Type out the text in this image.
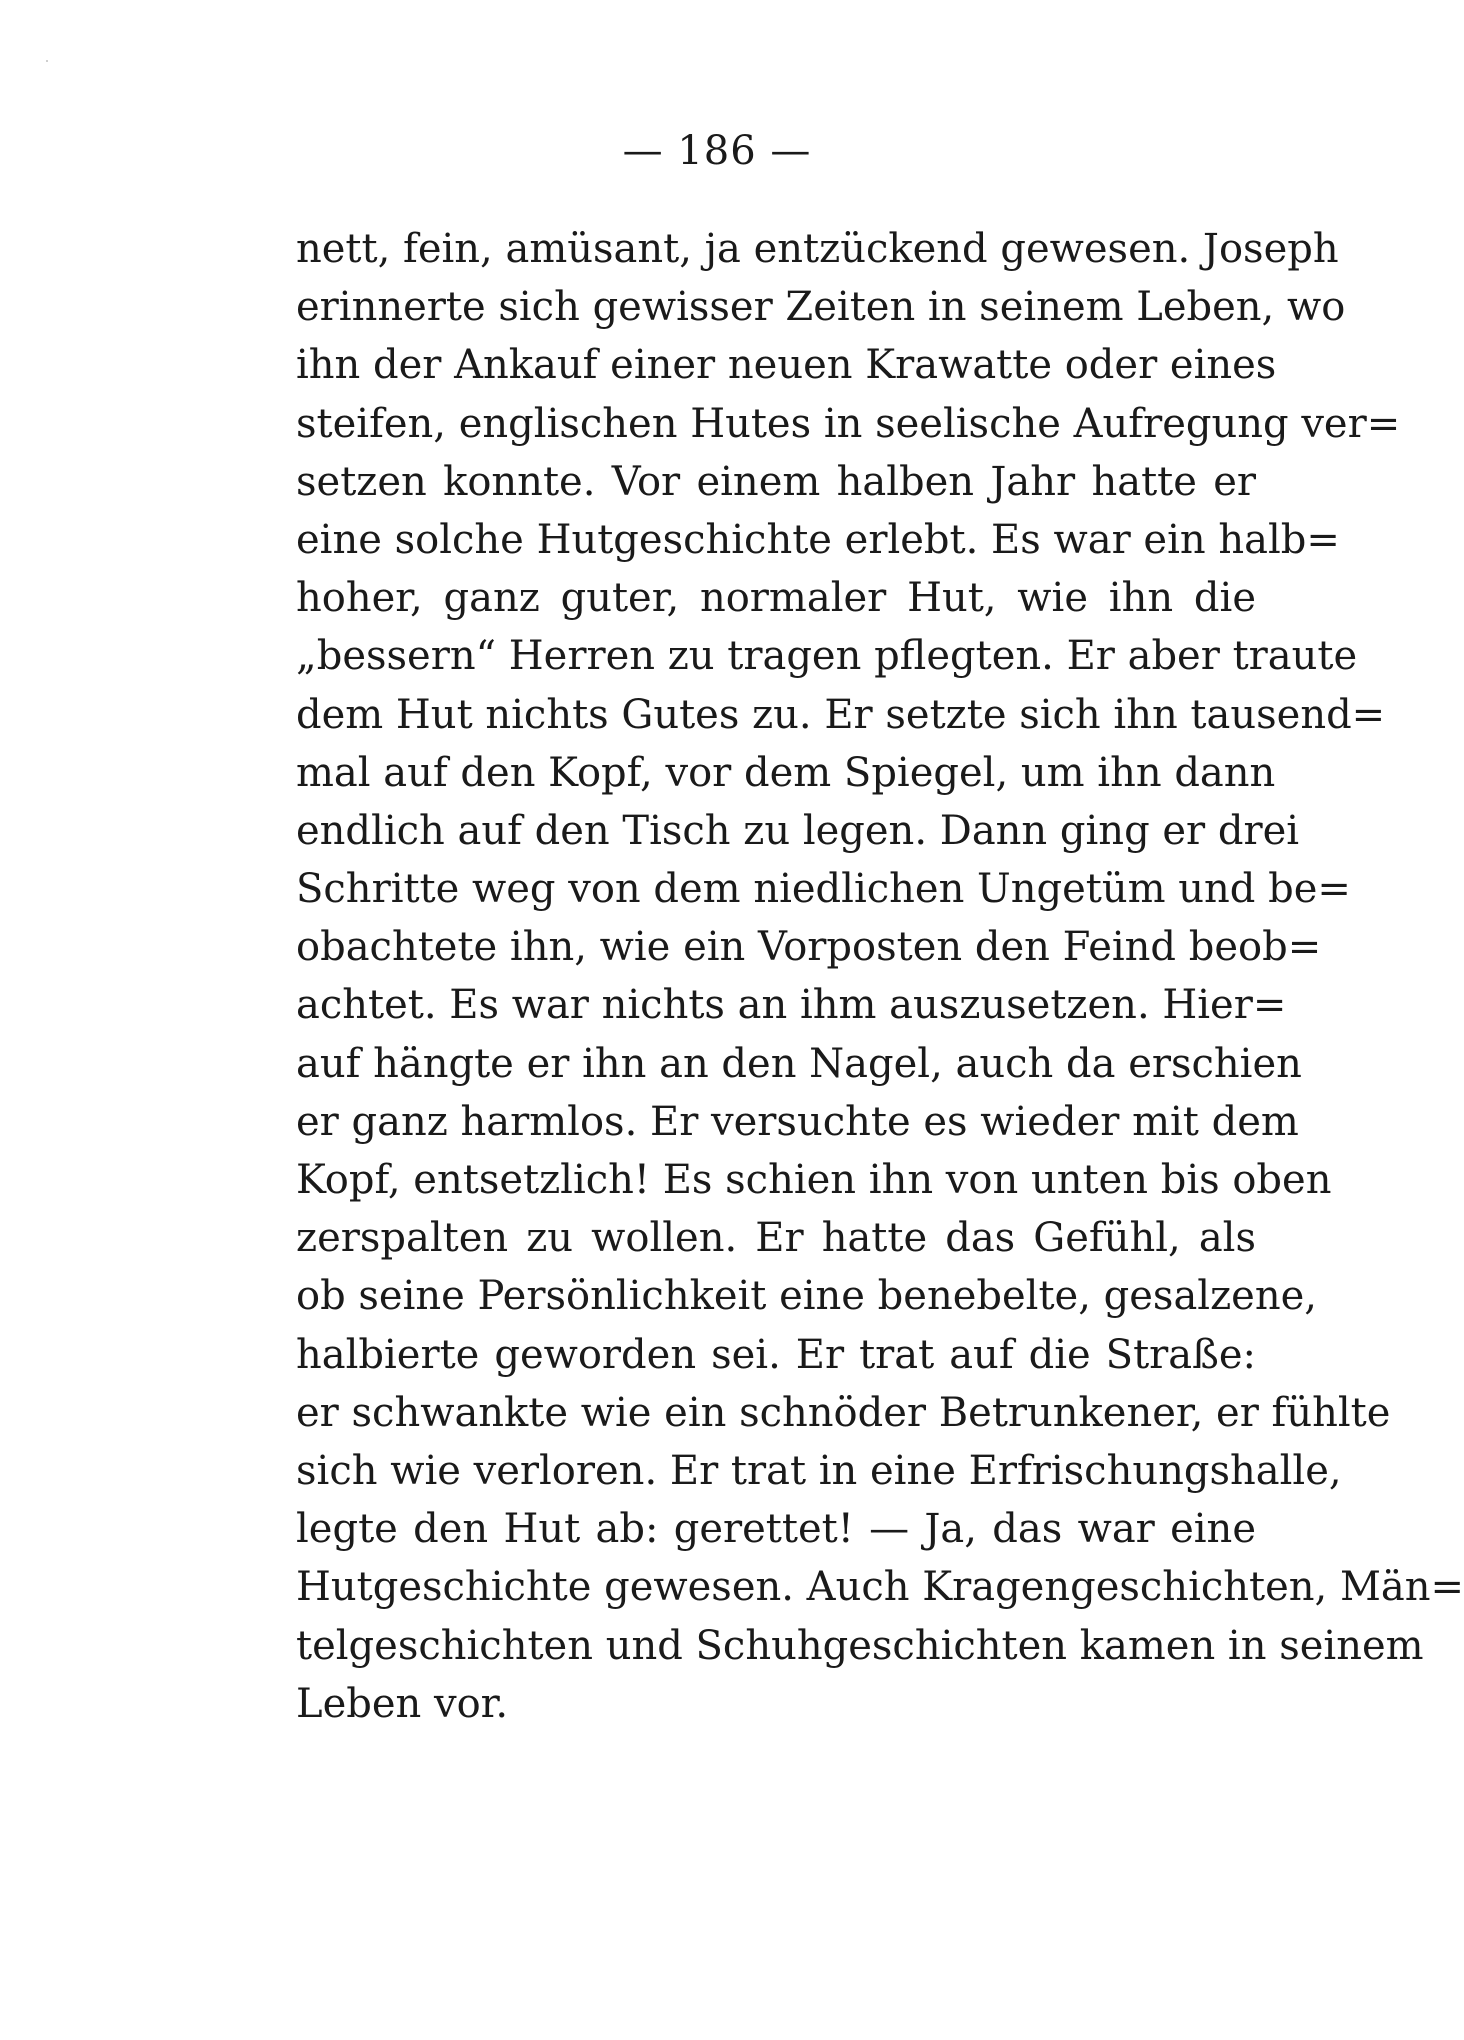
— 186 —
nett, fein, amüsant, ja entzückend gewesen. Joseph
erinnerte sich gewisser Zeiten in seinem Leben, wo
ihn der Ankauf einer neuen Krawatte oder eines
steifen, englischen Hutes in seelische Aufregung ver=
setzen konnte. Vor einem halben Jahr hatte er
eine solche Hutgeschichte erlebt. Es war ein halb=
hoher, ganz guter, normaler Hut, wie ihn die
„bessern“ Herren zu tragen pflegten. Er aber traute
dem Hut nichts Gutes zu. Er setzte sich ihn tausend=
mal auf den Kopf, vor dem Spiegel, um ihn dann
endlich auf den Tisch zu legen. Dann ging er drei
Schritte weg von dem niedlichen Ungetüm und be=
obachtete ihn, wie ein Vorposten den Feind beob=
achtet. Es war nichts an ihm auszusetzen. Hier=
auf hängte er ihn an den Nagel, auch da erschien
er ganz harmlos. Er versuchte es wieder mit dem
Kopf, entsetzlich! Es schien ihn von unten bis oben
zerspalten zu wollen. Er hatte das Gefühl, als
ob seine Persönlichkeit eine benebelte, gesalzene,
halbierte geworden sei. Er trat auf die Straße:
er schwankte wie ein schnöder Betrunkener, er fühlte
sich wie verloren. Er trat in eine Erfrischungshalle,
legte den Hut ab: gerettet! — Ja, das war eine
Hutgeschichte gewesen. Auch Kragengeschichten, Män=
telgeschichten und Schuhgeschichten kamen in seinem
Leben vor.
